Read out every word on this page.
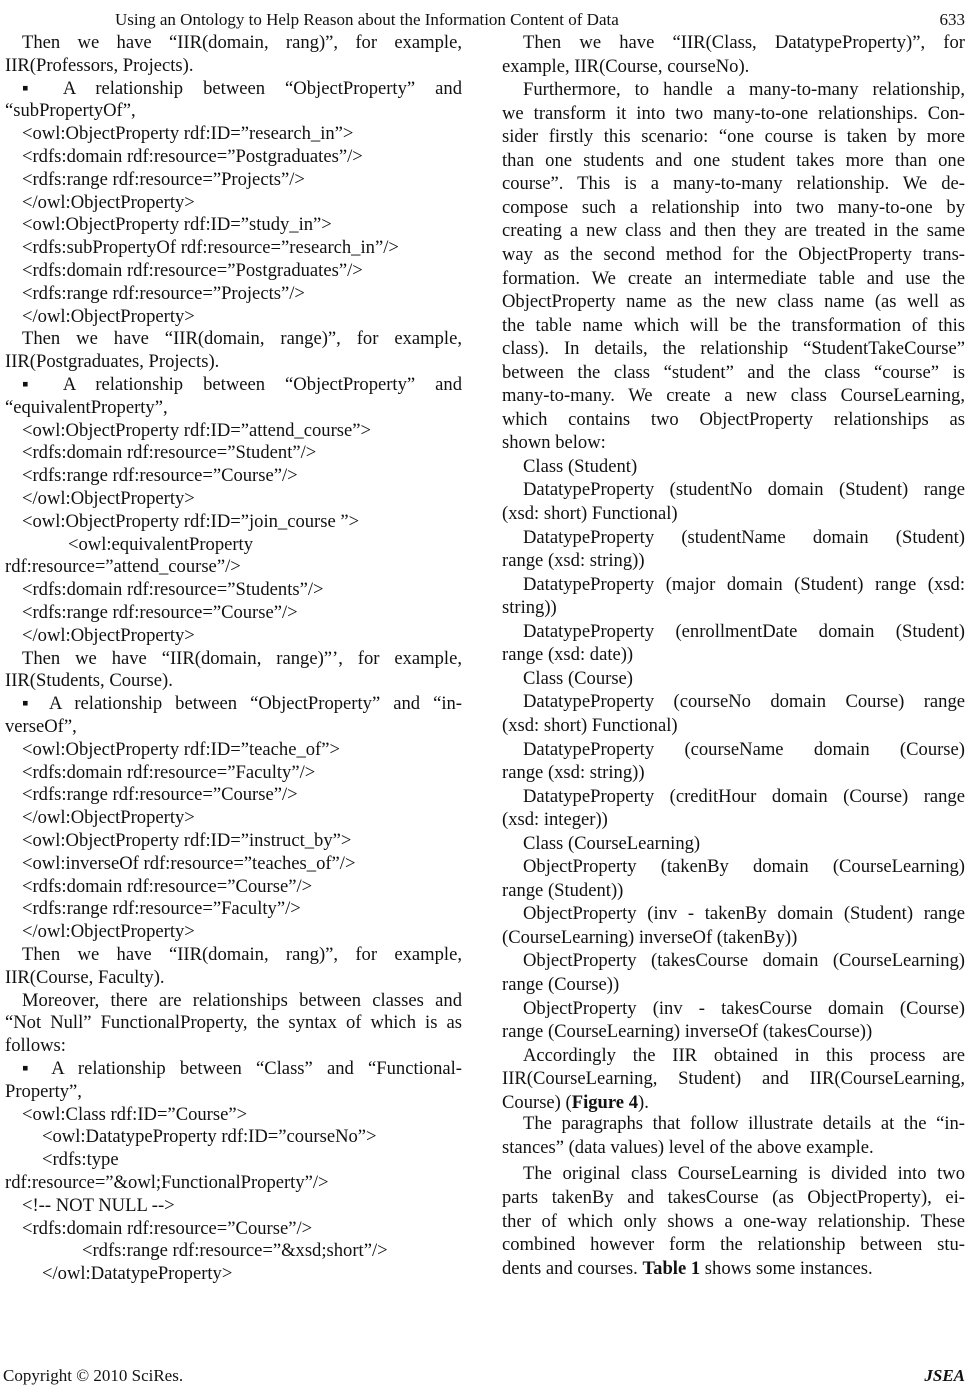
Using an Ontology to Help Reason about the Information Content of Data	633
Then we have “IIR(domain, rang)”, for example,
IIR(Professors, Projects).
▪ A relationship between “ObjectProperty” and
“subPropertyOf”,
<owl:ObjectProperty rdf:ID=”research_in”>
<rdfs:domain rdf:resource=”Postgraduates”/>
<rdfs:range rdf:resource=”Projects”/>
</owl:ObjectProperty>
<owl:ObjectProperty rdf:ID=”study_in”>
<rdfs:subPropertyOf rdf:resource=”research_in”/>
<rdfs:domain rdf:resource=”Postgraduates”/>
<rdfs:range rdf:resource=”Projects”/>
</owl:ObjectProperty>
Then we have “IIR(domain, range)”, for example,
IIR(Postgraduates, Projects).
▪ A relationship between “ObjectProperty” and
“equivalentProperty”,
<owl:ObjectProperty rdf:ID=”attend_course”>
<rdfs:domain rdf:resource=”Student”/>
<rdfs:range rdf:resource=”Course”/>
</owl:ObjectProperty>
<owl:ObjectProperty rdf:ID=”join_course ”>
<owl:equivalentProperty
rdf:resource=”attend_course”/>
<rdfs:domain rdf:resource=”Students”/>
<rdfs:range rdf:resource=”Course”/>
</owl:ObjectProperty>
Then we have “IIR(domain, range)”’, for example,
IIR(Students, Course).
▪ A relationship between “ObjectProperty” and “in-
verseOf”,
<owl:ObjectProperty rdf:ID=”teache_of”>
<rdfs:domain rdf:resource=”Faculty”/>
<rdfs:range rdf:resource=”Course”/>
</owl:ObjectProperty>
<owl:ObjectProperty rdf:ID=”instruct_by”>
<owl:inverseOf rdf:resource=”teaches_of”/>
<rdfs:domain rdf:resource=”Course”/>
<rdfs:range rdf:resource=”Faculty”/>
</owl:ObjectProperty>
Then we have “IIR(domain, rang)”, for example,
IIR(Course, Faculty).
Moreover, there are relationships between classes and
“Not Null” FunctionalProperty, the syntax of which is as
follows:
▪ A relationship between “Class” and “Functional-
Property”,
<owl:Class rdf:ID=”Course”>
<owl:DatatypeProperty rdf:ID=”courseNo”>
<rdfs:type
rdf:resource=”&owl;FunctionalProperty”/>
<!-- NOT NULL -->
<rdfs:domain rdf:resource=”Course”/>
<rdfs:range rdf:resource=”&xsd;short”/>
</owl:DatatypeProperty>
Then we have “IIR(Class, DatatypeProperty)”, for
example, IIR(Course, courseNo).
Furthermore, to handle a many-to-many relationship,
we transform it into two many-to-one relationships. Con-
sider firstly this scenario: “one course is taken by more
than one students and one student takes more than one
course”. This is a many-to-many relationship. We de-
compose such a relationship into two many-to-one by
creating a new class and then they are treated in the same
way as the second method for the ObjectProperty trans-
formation. We create an intermediate table and use the
ObjectProperty name as the new class name (as well as
the table name which will be the transformation of this
class). In details, the relationship “StudentTakeCourse”
between the class “student” and the class “course” is
many-to-many. We create a new class CourseLearning,
which contains two ObjectProperty relationships as
shown below:
Class (Student)
DatatypeProperty (studentNo domain (Student) range
(xsd: short) Functional)
DatatypeProperty (studentName domain (Student)
range (xsd: string))
DatatypeProperty (major domain (Student) range (xsd:
string))
DatatypeProperty (enrollmentDate domain (Student)
range (xsd: date))
Class (Course)
DatatypeProperty (courseNo domain Course) range
(xsd: short) Functional)
DatatypeProperty (courseName domain (Course)
range (xsd: string))
DatatypeProperty (creditHour domain (Course) range
(xsd: integer))
Class (CourseLearning)
ObjectProperty (takenBy domain (CourseLearning)
range (Student))
ObjectProperty (inv - takenBy domain (Student) range
(CourseLearning) inverseOf (takenBy))
ObjectProperty (takesCourse domain (CourseLearning)
range (Course))
ObjectProperty (inv - takesCourse domain (Course)
range (CourseLearning) inverseOf (takesCourse))
Accordingly the IIR obtained in this process are
IIR(CourseLearning, Student) and IIR(CourseLearning,
Course) (Figure 4).
The paragraphs that follow illustrate details at the “in-
stances” (data values) level of the above example.
The original class CourseLearning is divided into two
parts takenBy and takesCourse (as ObjectProperty), ei-
ther of which only shows a one-way relationship. These
combined however form the relationship between stu-
dents and courses. Table 1 shows some instances.
Copyright © 2010 SciRes.	JSEA
